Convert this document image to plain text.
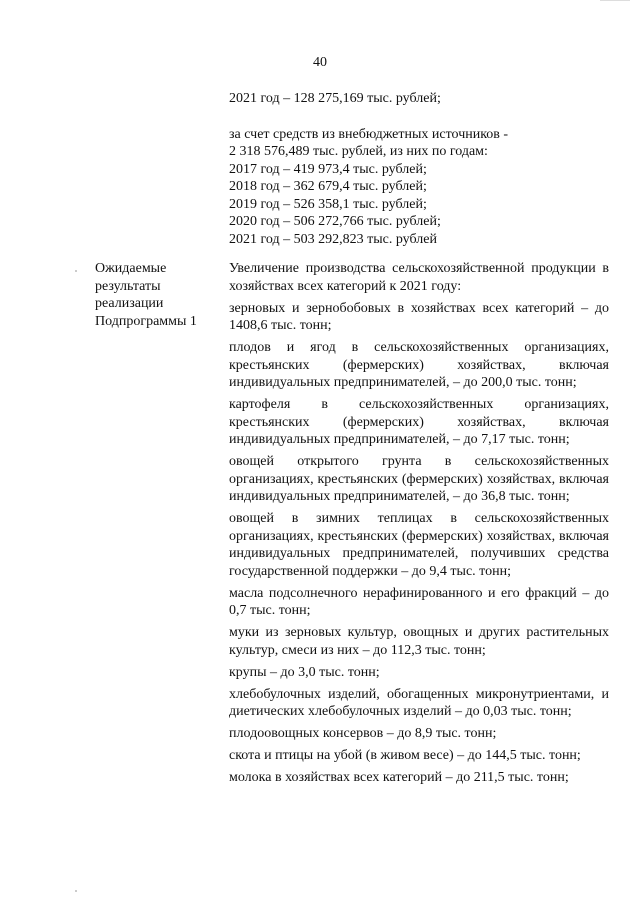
40
2021 год – 128 275,169 тыс. рублей;
за счет средств из внебюджетных источников -
2 318 576,489 тыс. рублей, из них по годам:
2017 год – 419 973,4 тыс. рублей;
2018 год – 362 679,4 тыс. рублей;
2019 год – 526 358,1 тыс. рублей;
2020 год – 506 272,766 тыс. рублей;
2021 год – 503 292,823 тыс. рублей
Ожидаемые результаты реализации Подпрограммы 1

Увеличение производства сельскохозяйственной продукции в хозяйствах всех категорий к 2021 году:

зерновых и зернобобовых в хозяйствах всех категорий – до 1408,6 тыс. тонн;

плодов и ягод в сельскохозяйственных организациях, крестьянских (фермерских) хозяйствах, включая индивидуальных предпринимателей, – до 200,0 тыс. тонн;

картофеля в сельскохозяйственных организациях, крестьянских (фермерских) хозяйствах, включая индивидуальных предпринимателей, – до 7,17 тыс. тонн;

овощей открытого грунта в сельскохозяйственных организациях, крестьянских (фермерских) хозяйствах, включая индивидуальных предпринимателей, – до 36,8 тыс. тонн;

овощей в зимних теплицах в сельскохозяйственных организациях, крестьянских (фермерских) хозяйствах, включая индивидуальных предпринимателей, получивших средства государственной поддержки – до 9,4 тыс. тонн;

масла подсолнечного нерафинированного и его фракций – до 0,7 тыс. тонн;

муки из зерновых культур, овощных и других растительных культур, смеси из них – до 112,3 тыс. тонн;

крупы – до 3,0 тыс. тонн;

хлебобулочных изделий, обогащенных микронутриентами, и диетических хлебобулочных изделий – до 0,03 тыс. тонн;

плодоовощных консервов – до 8,9 тыс. тонн;

скота и птицы на убой (в живом весе) – до 144,5 тыс. тонн;

молока в хозяйствах всех категорий – до 211,5 тыс. тонн;
